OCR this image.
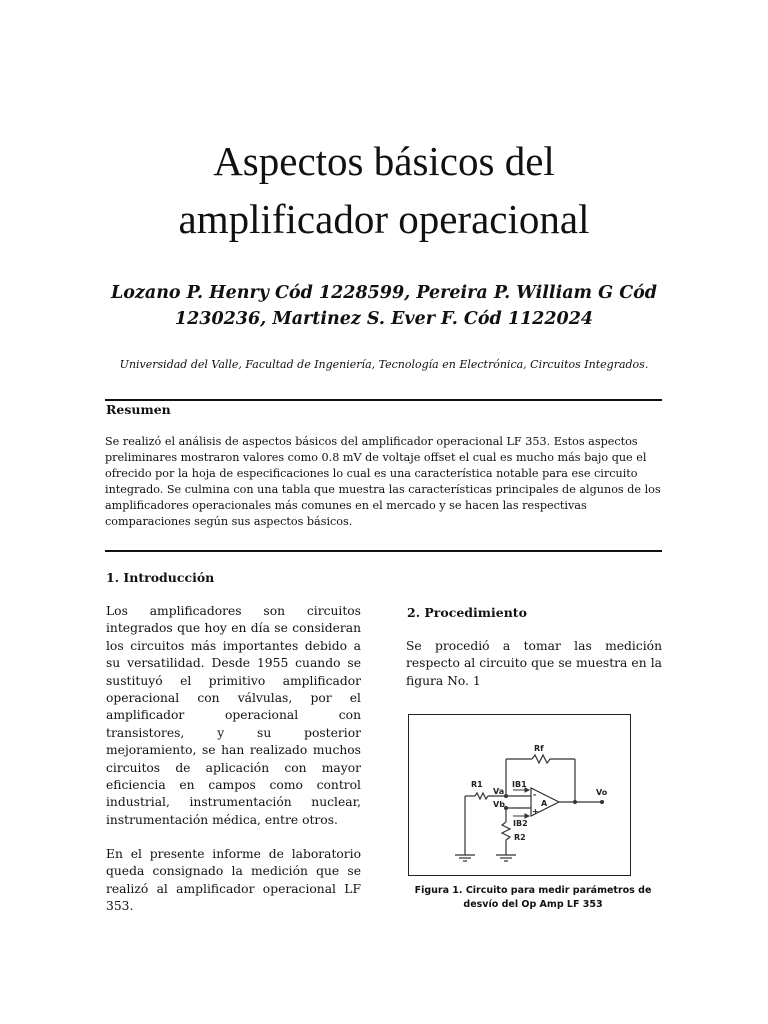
Aspectos básicos del
amplificador operacional
Lozano P. Henry Cód 1228599, Pereira P. William G Cód
1230236, Martinez S. Ever F. Cód 1122024
Universidad del Valle, Facultad de Ingeniería, Tecnología en Electrónica, Circuitos Integrados.
Resumen

Se realizó el análisis de aspectos básicos del amplificador operacional LF 353. Estos aspectos preliminares mostraron valores como 0.8 mV de voltaje offset el cual es mucho más bajo que el ofrecido por la hoja de especificaciones lo cual es una característica notable para ese circuito integrado. Se culmina con una tabla que muestra las características principales de algunos de los amplificadores operacionales más comunes en el mercado y se hacen las respectivas comparaciones según sus aspectos básicos.

1. Introducción

Los amplificadores son circuitos integrados que hoy en día se consideran los circuitos más importantes debido a su versatilidad. Desde 1955 cuando se sustituyó el primitivo amplificador operacional con válvulas, por el amplificador operacional con transistores, y su posterior mejoramiento, se han realizado muchos circuitos de aplicación con mayor eficiencia en campos como control industrial, instrumentación nuclear, instrumentación médica, entre otros.

En el presente informe de laboratorio queda consignado la medición que se realizó al amplificador operacional LF 353.

2. Procedimiento

Se procedió a tomar las medición respecto al circuito que se muestra en la figura No. 1

Rf
R1	IB1
Va
Vb
IB2
R2
Vo
A
-
+
Figura 1. Circuito para medir parámetros de
desvío del Op Amp LF 353
